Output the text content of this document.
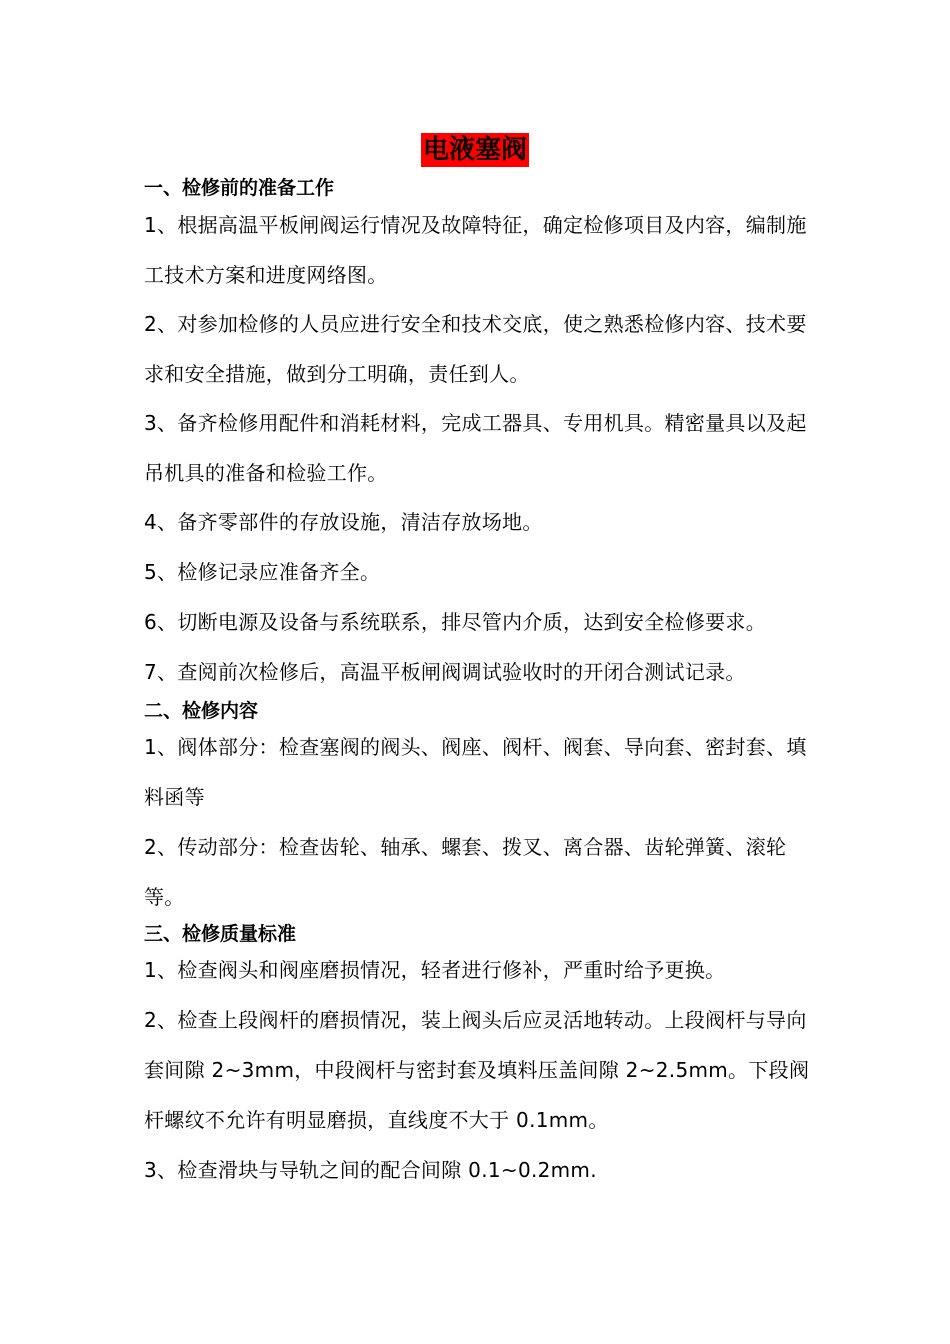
电液塞阀
一、检修前的准备工作
1、根据高温平板闸阀运行情况及故障特征，确定检修项目及内容，编制施工技术方案和进度网络图。
2、对参加检修的人员应进行安全和技术交底，使之熟悉检修内容、技术要求和安全措施，做到分工明确，责任到人。
3、备齐检修用配件和消耗材料，完成工器具、专用机具。精密量具以及起吊机具的准备和检验工作。
4、备齐零部件的存放设施，清洁存放场地。
5、检修记录应准备齐全。
6、切断电源及设备与系统联系，排尽管内介质，达到安全检修要求。
7、查阅前次检修后，高温平板闸阀调试验收时的开闭合测试记录。
二、检修内容
1、阀体部分：检查塞阀的阀头、阀座、阀杆、阀套、导向套、密封套、填料函等
2、传动部分：检查齿轮、轴承、螺套、拨叉、离合器、齿轮弹簧、滚轮等。
三、检修质量标准
1、检查阀头和阀座磨损情况，轻者进行修补，严重时给予更换。
2、检查上段阀杆的磨损情况，装上阀头后应灵活地转动。上段阀杆与导向套间隙 2~3mm，中段阀杆与密封套及填料压盖间隙 2~2.5mm。下段阀杆螺纹不允许有明显磨损，直线度不大于 0.1mm。
3、检查滑块与导轨之间的配合间隙 0.1~0.2mm.
